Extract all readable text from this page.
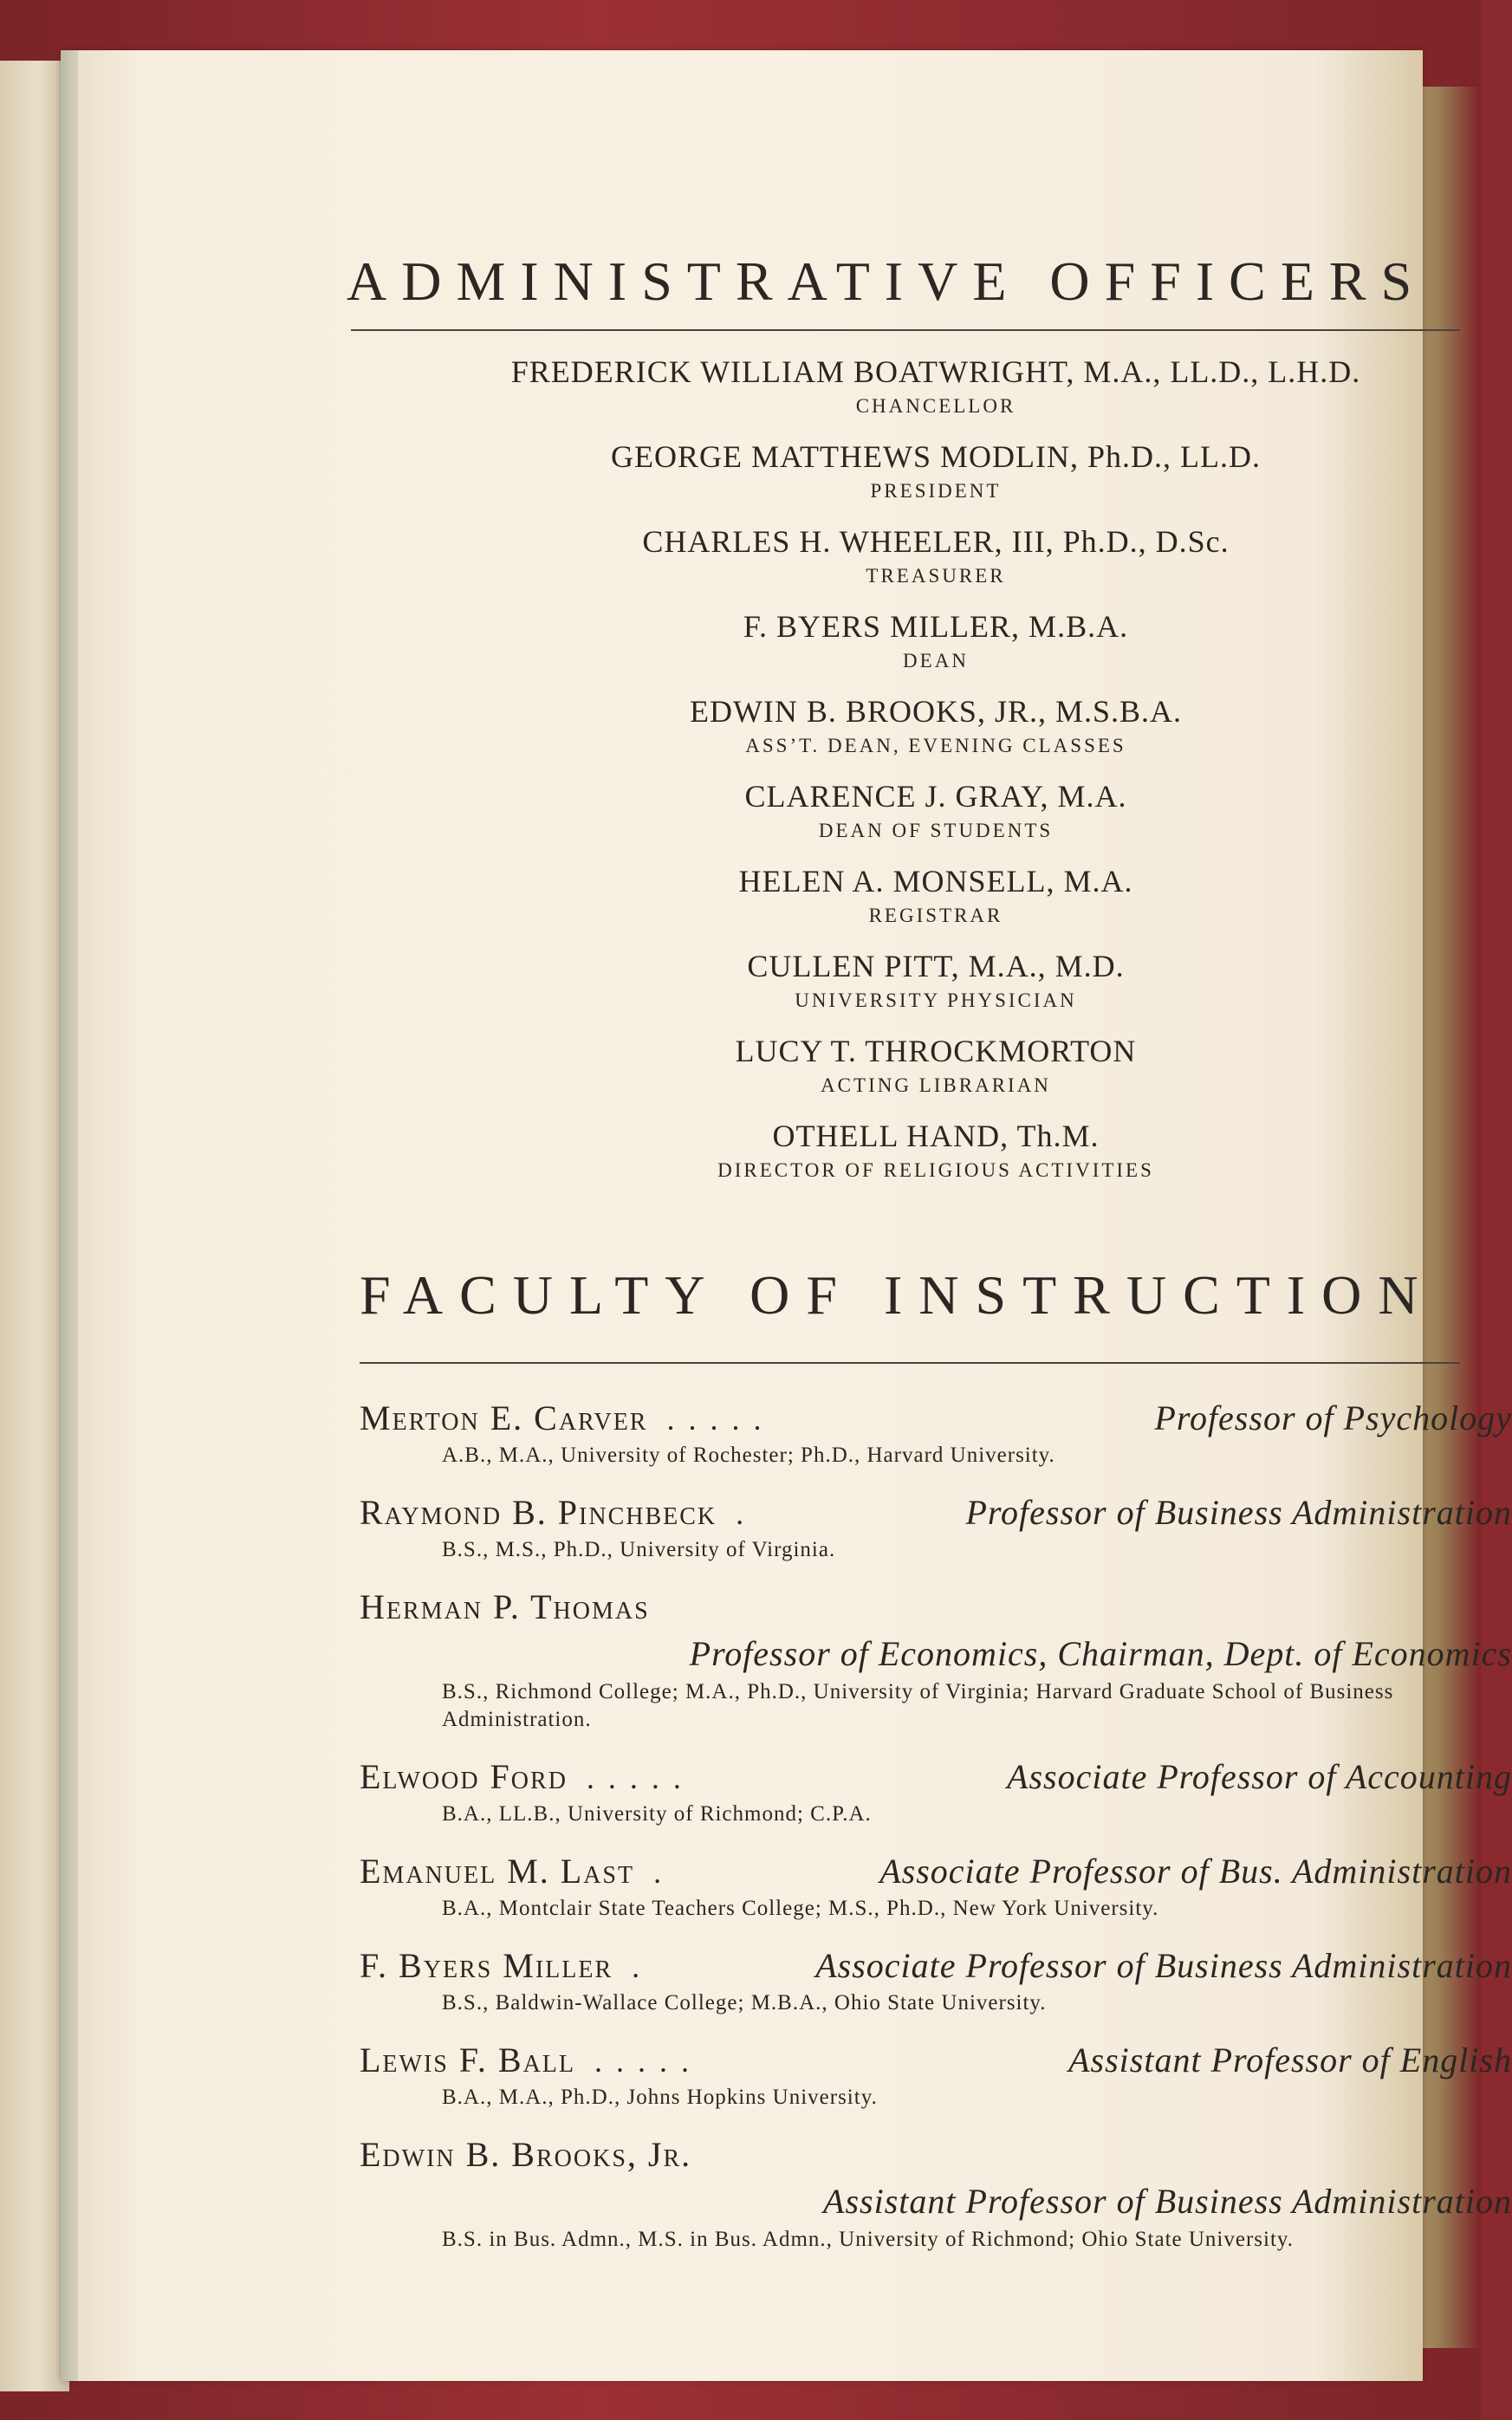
ADMINISTRATIVE OFFICERS
FREDERICK WILLIAM BOATWRIGHT, M.A., LL.D., L.H.D.
CHANCELLOR
GEORGE MATTHEWS MODLIN, Ph.D., LL.D.
PRESIDENT
CHARLES H. WHEELER, III, Ph.D., D.Sc.
TREASURER
F. BYERS MILLER, M.B.A.
DEAN
EDWIN B. BROOKS, JR., M.S.B.A.
ASS’T. DEAN, EVENING CLASSES
CLARENCE J. GRAY, M.A.
DEAN OF STUDENTS
HELEN A. MONSELL, M.A.
REGISTRAR
CULLEN PITT, M.A., M.D.
UNIVERSITY PHYSICIAN
LUCY T. THROCKMORTON
ACTING LIBRARIAN
OTHELL HAND, Th.M.
DIRECTOR OF RELIGIOUS ACTIVITIES
FACULTY OF INSTRUCTION
Merton E. Carver .....	Professor of Psychology
A.B., M.A., University of Rochester; Ph.D., Harvard University.
Raymond B. Pinchbeck .	Professor of Business Administration
B.S., M.S., Ph.D., University of Virginia.
Herman P. Thomas
Professor of Economics, Chairman, Dept. of Economics
B.S., Richmond College; M.A., Ph.D., University of Virginia; Harvard Graduate School of Business Administration.
Elwood Ford .....	Associate Professor of Accounting
B.A., LL.B., University of Richmond; C.P.A.
Emanuel M. Last .	Associate Professor of Bus. Administration
B.A., Montclair State Teachers College; M.S., Ph.D., New York University.
F. Byers Miller .	Associate Professor of Business Administration
B.S., Baldwin-Wallace College; M.B.A., Ohio State University.
Lewis F. Ball .....	Assistant Professor of English
B.A., M.A., Ph.D., Johns Hopkins University.
Edwin B. Brooks, Jr.
Assistant Professor of Business Administration
B.S. in Bus. Admn., M.S. in Bus. Admn., University of Richmond; Ohio State University.
